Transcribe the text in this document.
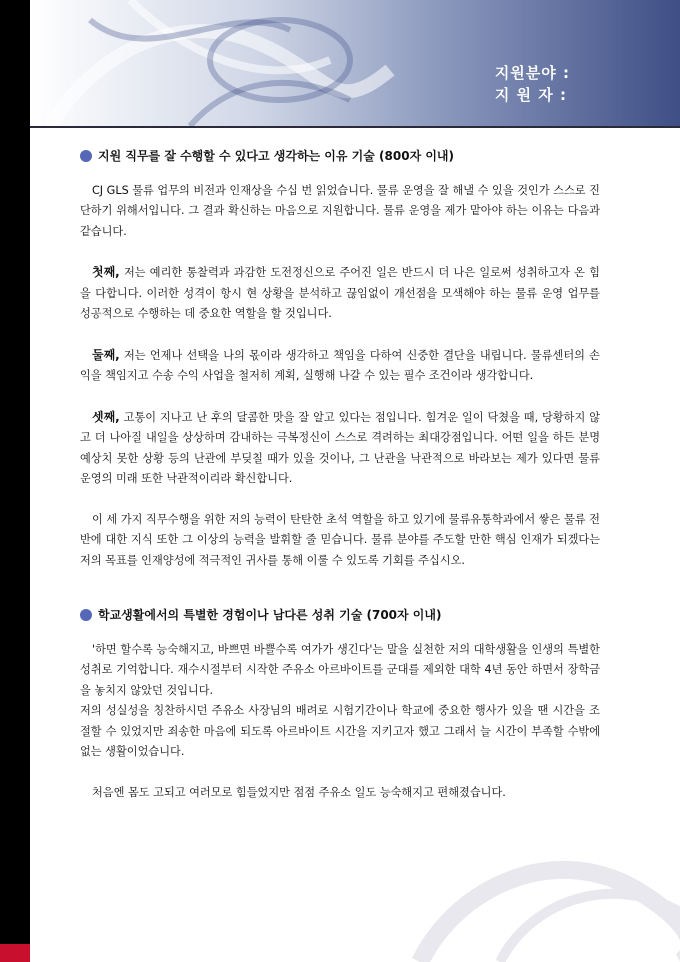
지원분야 :
지 원 자 :
지원 직무를 잘 수행할 수 있다고 생각하는 이유 기술 (800자 이내)

CJ GLS 물류 업무의 비전과 인재상을 수십 번 읽었습니다. 물류 운영을 잘 해낼 수 있을 것인가 스스로 진단하기 위해서입니다. 그 결과 확신하는 마음으로 지원합니다. 물류 운영을 제가 맡아야 하는 이유는 다음과 같습니다.

첫째, 저는 예리한 통찰력과 과감한 도전정신으로 주어진 일은 반드시 더 나은 일로써 성취하고자 온 힘을 다합니다. 이러한 성격이 항시 현 상황을 분석하고 끊임없이 개선점을 모색해야 하는 물류 운영 업무를 성공적으로 수행하는 데 중요한 역할을 할 것입니다.

둘째, 저는 언제나 선택을 나의 몫이라 생각하고 책임을 다하여 신중한 결단을 내립니다. 물류센터의 손익을 책임지고 수송 수익 사업을 철저히 계획, 실행해 나갈 수 있는 필수 조건이라 생각합니다.

셋째, 고통이 지나고 난 후의 달콤한 맛을 잘 알고 있다는 점입니다. 힘겨운 일이 닥쳤을 때, 당황하지 않고 더 나아질 내일을 상상하며 감내하는 극복정신이 스스로 격려하는 최대강점입니다. 어떤 일을 하든 분명 예상치 못한 상황 등의 난관에 부딪칠 때가 있을 것이나, 그 난관을 낙관적으로 바라보는 제가 있다면 물류 운영의 미래 또한 낙관적이리라 확신합니다.

이 세 가지 직무수행을 위한 저의 능력이 탄탄한 초석 역할을 하고 있기에 물류유통학과에서 쌓은 물류 전반에 대한 지식 또한 그 이상의 능력을 발휘할 줄 믿습니다. 물류 분야를 주도할 만한 핵심 인재가 되겠다는 저의 목표를 인재양성에 적극적인 귀사를 통해 이룰 수 있도록 기회를 주십시오.

학교생활에서의 특별한 경험이나 남다른 성취 기술 (700자 이내)

'하면 할수록 능숙해지고, 바쁘면 바쁠수록 여가가 생긴다'는 말을 실천한 저의 대학생활을 인생의 특별한 성취로 기억합니다. 재수시절부터 시작한 주유소 아르바이트를 군대를 제외한 대학 4년 동안 하면서 장학금을 놓치지 않았던 것입니다.

저의 성실성을 칭찬하시던 주유소 사장님의 배려로 시험기간이나 학교에 중요한 행사가 있을 땐 시간을 조절할 수 있었지만 죄송한 마음에 되도록 아르바이트 시간을 지키고자 했고 그래서 늘 시간이 부족할 수밖에 없는 생활이었습니다.

처음엔 몸도 고되고 여러모로 힘들었지만 점점 주유소 일도 능숙해지고 편해졌습니다.
